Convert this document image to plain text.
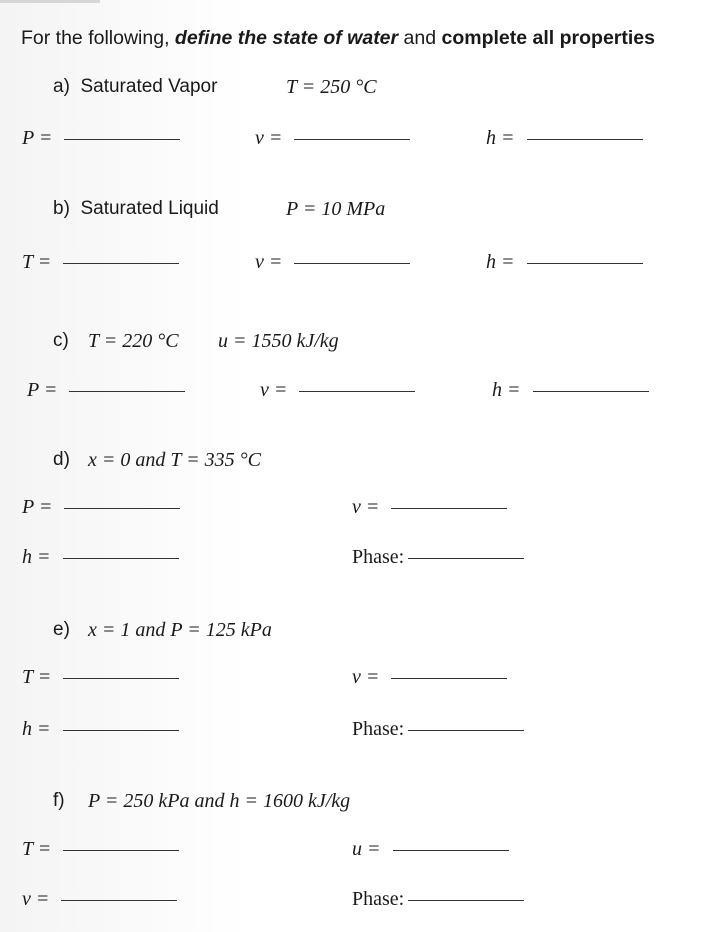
For the following, define the state of water and complete all properties
a) Saturated Vapor	T = 250 °C
P =	v =	h =
b) Saturated Liquid	P = 10 MPa
T =	v =	h =
c) T = 220 °C u = 1550 kJ/kg
P =	v =	h =
d) x = 0 and T = 335 °C
P =	v =
h =	Phase:
e) x = 1 and P = 125 kPa
T =	v =
h =	Phase:
f) P = 250 kPa and h = 1600 kJ/kg
T =	u =
v =	Phase:
